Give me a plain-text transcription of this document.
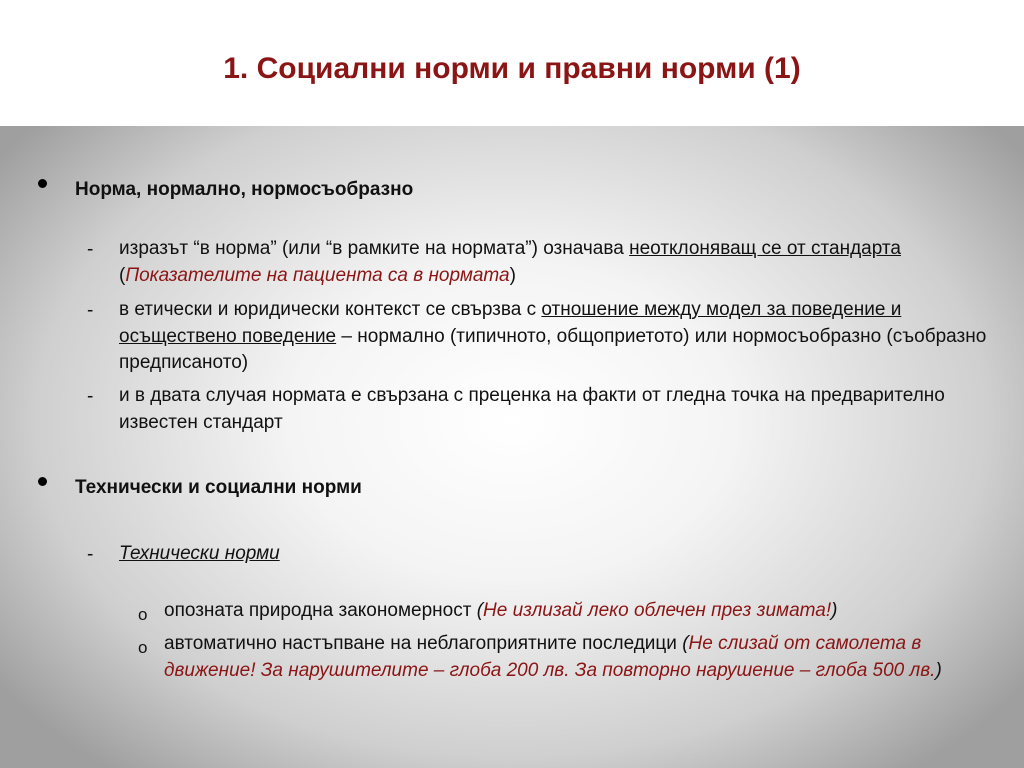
1. Социални норми и правни норми (1)
Норма, нормално, нормосъобразно
- изразът “в норма” (или “в рамките на нормата”) означава неотклоняващ се от стандарта (Показателите на пациента са в нормата)
- в етически и юридически контекст се свързва с отношение между модел за поведение и осъществено поведение – нормално (типичното, общоприетото) или нормосъобразно (съобразно предписаното)
- и в двата случая нормата е свързана с преценка на факти от гледна точка на предварително известен стандарт
Технически и социални норми
- Технически норми
o опозната природна закономерност (Не излизай леко облечен през зимата!)
o автоматично настъпване на неблагоприятните последици (Не слизай от самолета в движение! За нарушителите – глоба 200 лв. За повторно нарушение – глоба 500 лв.)
